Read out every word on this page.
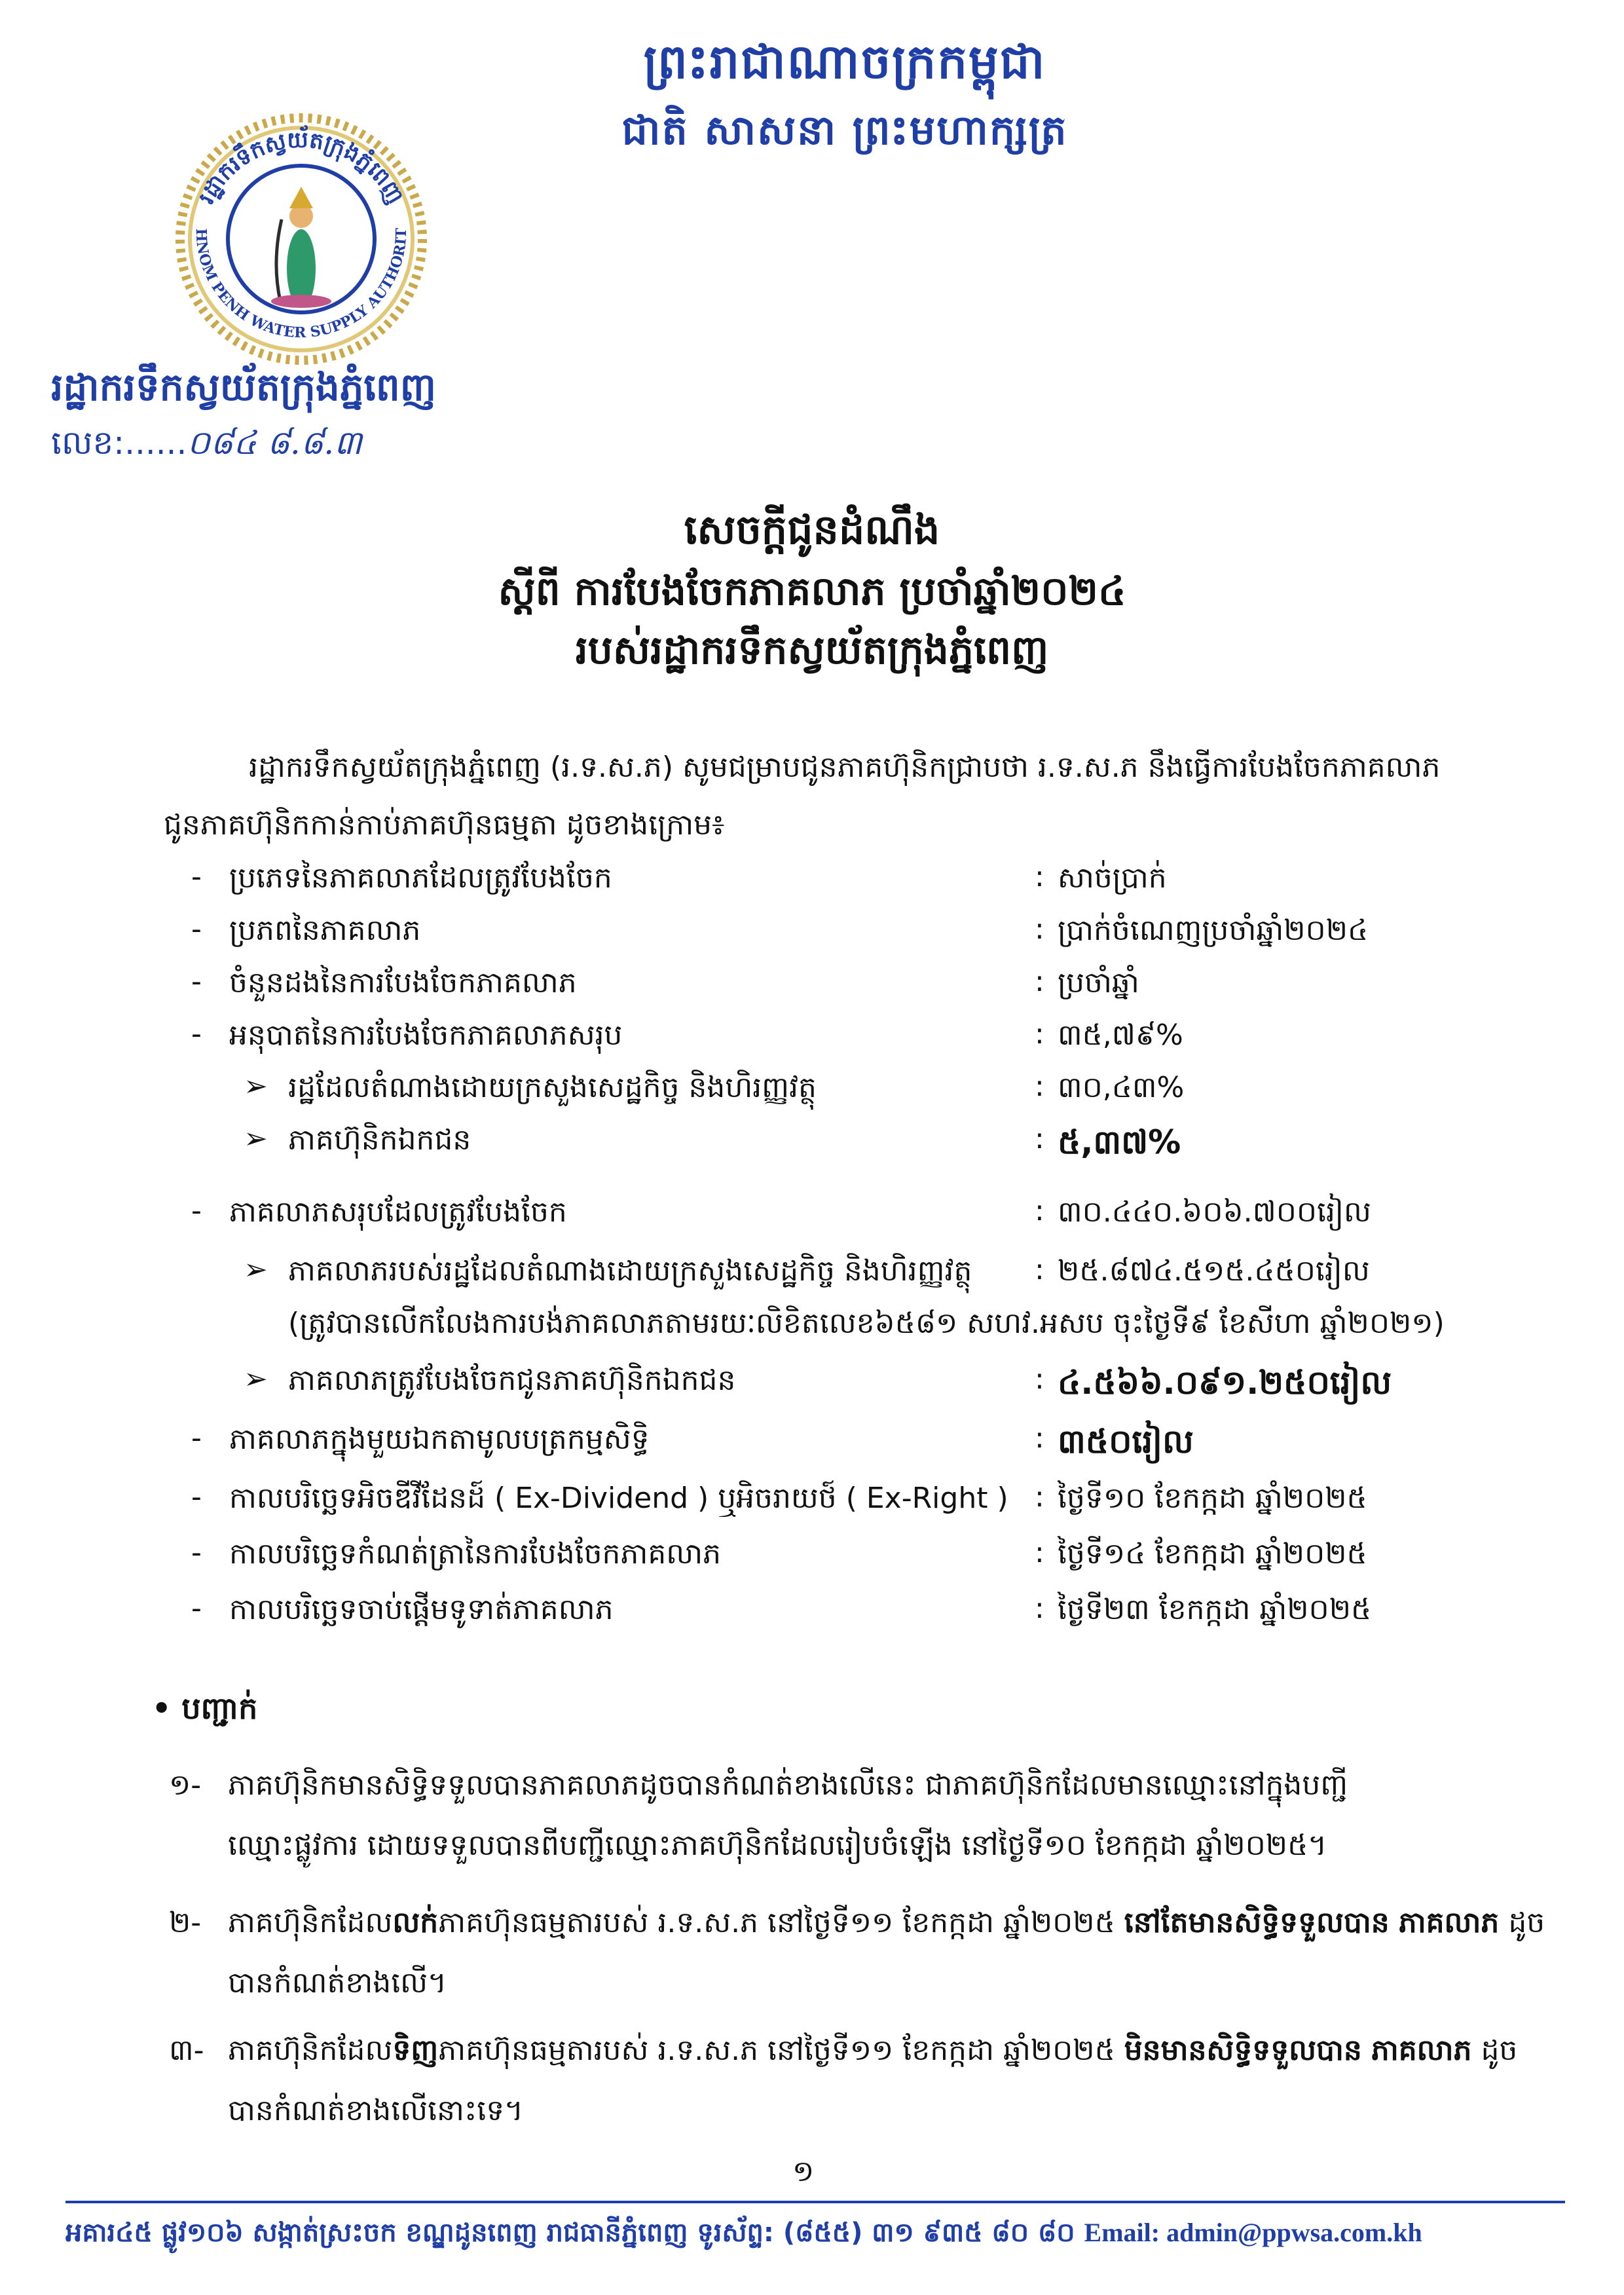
ព្រះរាជាណាចក្រកម្ពុជា
ជាតិ សាសនា ព្រះមហាក្សត្រ
រដ្ឋាករទឹកស្វយ័តក្រុងភ្នំពេញ
HNOM PENH WATER SUPPLY AUTHORIT
រដ្ឋាករទឹកស្វយ័តក្រុងភ្នំពេញ
លេខ:......០៨៤ ៨.៨.៣
សេចក្តីជូនដំណឹង
ស្តីពី ការបែងចែកភាគលាភ ប្រចាំឆ្នាំ២០២៤
របស់រដ្ឋាករទឹកស្វយ័តក្រុងភ្នំពេញ
រដ្ឋាករទឹកស្វយ័តក្រុងភ្នំពេញ (រ.ទ.ស.ភ) សូមជម្រាបជូនភាគហ៊ុនិកជ្រាបថា រ.ទ.ស.ភ នឹងធ្វើការបែងចែកភាគលាភ
ជូនភាគហ៊ុនិកកាន់កាប់ភាគហ៊ុនធម្មតា ដូចខាងក្រោម៖
- ប្រភេទនៃភាគលាភដែលត្រូវបែងចែក	: សាច់ប្រាក់
- ប្រភពនៃភាគលាភ	: ប្រាក់ចំណេញប្រចាំឆ្នាំ២០២៤
- ចំនួនដងនៃការបែងចែកភាគលាភ	: ប្រចាំឆ្នាំ
- អនុបាតនៃការបែងចែកភាគលាភសរុប	: ៣៥,៧៩%
➢ រដ្ឋដែលតំណាងដោយក្រសួងសេដ្ឋកិច្ច និងហិរញ្ញវត្ថុ	: ៣០,៤៣%
➢ ភាគហ៊ុនិកឯកជន	: ៥,៣៧%
- ភាគលាភសរុបដែលត្រូវបែងចែក	: ៣០.៤៤០.៦០៦.៧០០រៀល
➢ ភាគលាភរបស់រដ្ឋដែលតំណាងដោយក្រសួងសេដ្ឋកិច្ច និងហិរញ្ញវត្ថុ : ២៥.៨៧៤.៥១៥.៤៥០រៀល
(ត្រូវបានលើកលែងការបង់ភាគលាភតាមរយៈលិខិតលេខ៦៥៨១ សហវ.អសប ចុះថ្ងៃទី៩ ខែសីហា ឆ្នាំ២០២១)
➢ ភាគលាភត្រូវបែងចែកជូនភាគហ៊ុនិកឯកជន	: ៤.៥៦៦.០៩១.២៥០រៀល
- ភាគលាភក្នុងមួយឯកតាមូលបត្រកម្មសិទ្ធិ	: ៣៥០រៀល
- កាលបរិច្ឆេទអិចឌីវីដែនដ៍ ( Ex-Dividend ) ឬអិចរាយថ៍ ( Ex-Right ) : ថ្ងៃទី១០ ខែកក្កដា ឆ្នាំ២០២៥
- កាលបរិច្ឆេទកំណត់ត្រានៃការបែងចែកភាគលាភ	: ថ្ងៃទី១៤ ខែកក្កដា ឆ្នាំ២០២៥
- កាលបរិច្ឆេទចាប់ផ្តើមទូទាត់ភាគលាភ	: ថ្ងៃទី២៣ ខែកក្កដា ឆ្នាំ២០២៥
• បញ្ជាក់
១- ភាគហ៊ុនិកមានសិទ្ធិទទួលបានភាគលាភដូចបានកំណត់ខាងលើនេះ ជាភាគហ៊ុនិកដែលមានឈ្មោះនៅក្នុងបញ្ជី
ឈ្មោះផ្លូវការ ដោយទទួលបានពីបញ្ជីឈ្មោះភាគហ៊ុនិកដែលរៀបចំឡើង នៅថ្ងៃទី១០ ខែកក្កដា ឆ្នាំ២០២៥។
២- ភាគហ៊ុនិកដែលលក់ភាគហ៊ុនធម្មតារបស់ រ.ទ.ស.ភ នៅថ្ងៃទី១១ ខែកក្កដា ឆ្នាំ២០២៥ នៅតែមានសិទ្ធិទទួលបាន ភាគលាភ ដូចបានកំណត់ខាងលើ។
៣- ភាគហ៊ុនិកដែលទិញភាគហ៊ុនធម្មតារបស់ រ.ទ.ស.ភ នៅថ្ងៃទី១១ ខែកក្កដា ឆ្នាំ២០២៥ មិនមានសិទ្ធិទទួលបាន ភាគលាភ ដូចបានកំណត់ខាងលើនោះទេ។
១
អគារ៤៥ ផ្លូវ១០៦ សង្កាត់ស្រះចក ខណ្ឌដូនពេញ រាជធានីភ្នំពេញ ទូរស័ព្ទ: (៨៥៥) ៣១ ៩៣៥ ៨០ ៨០ Email: admin@ppwsa.com.kh
